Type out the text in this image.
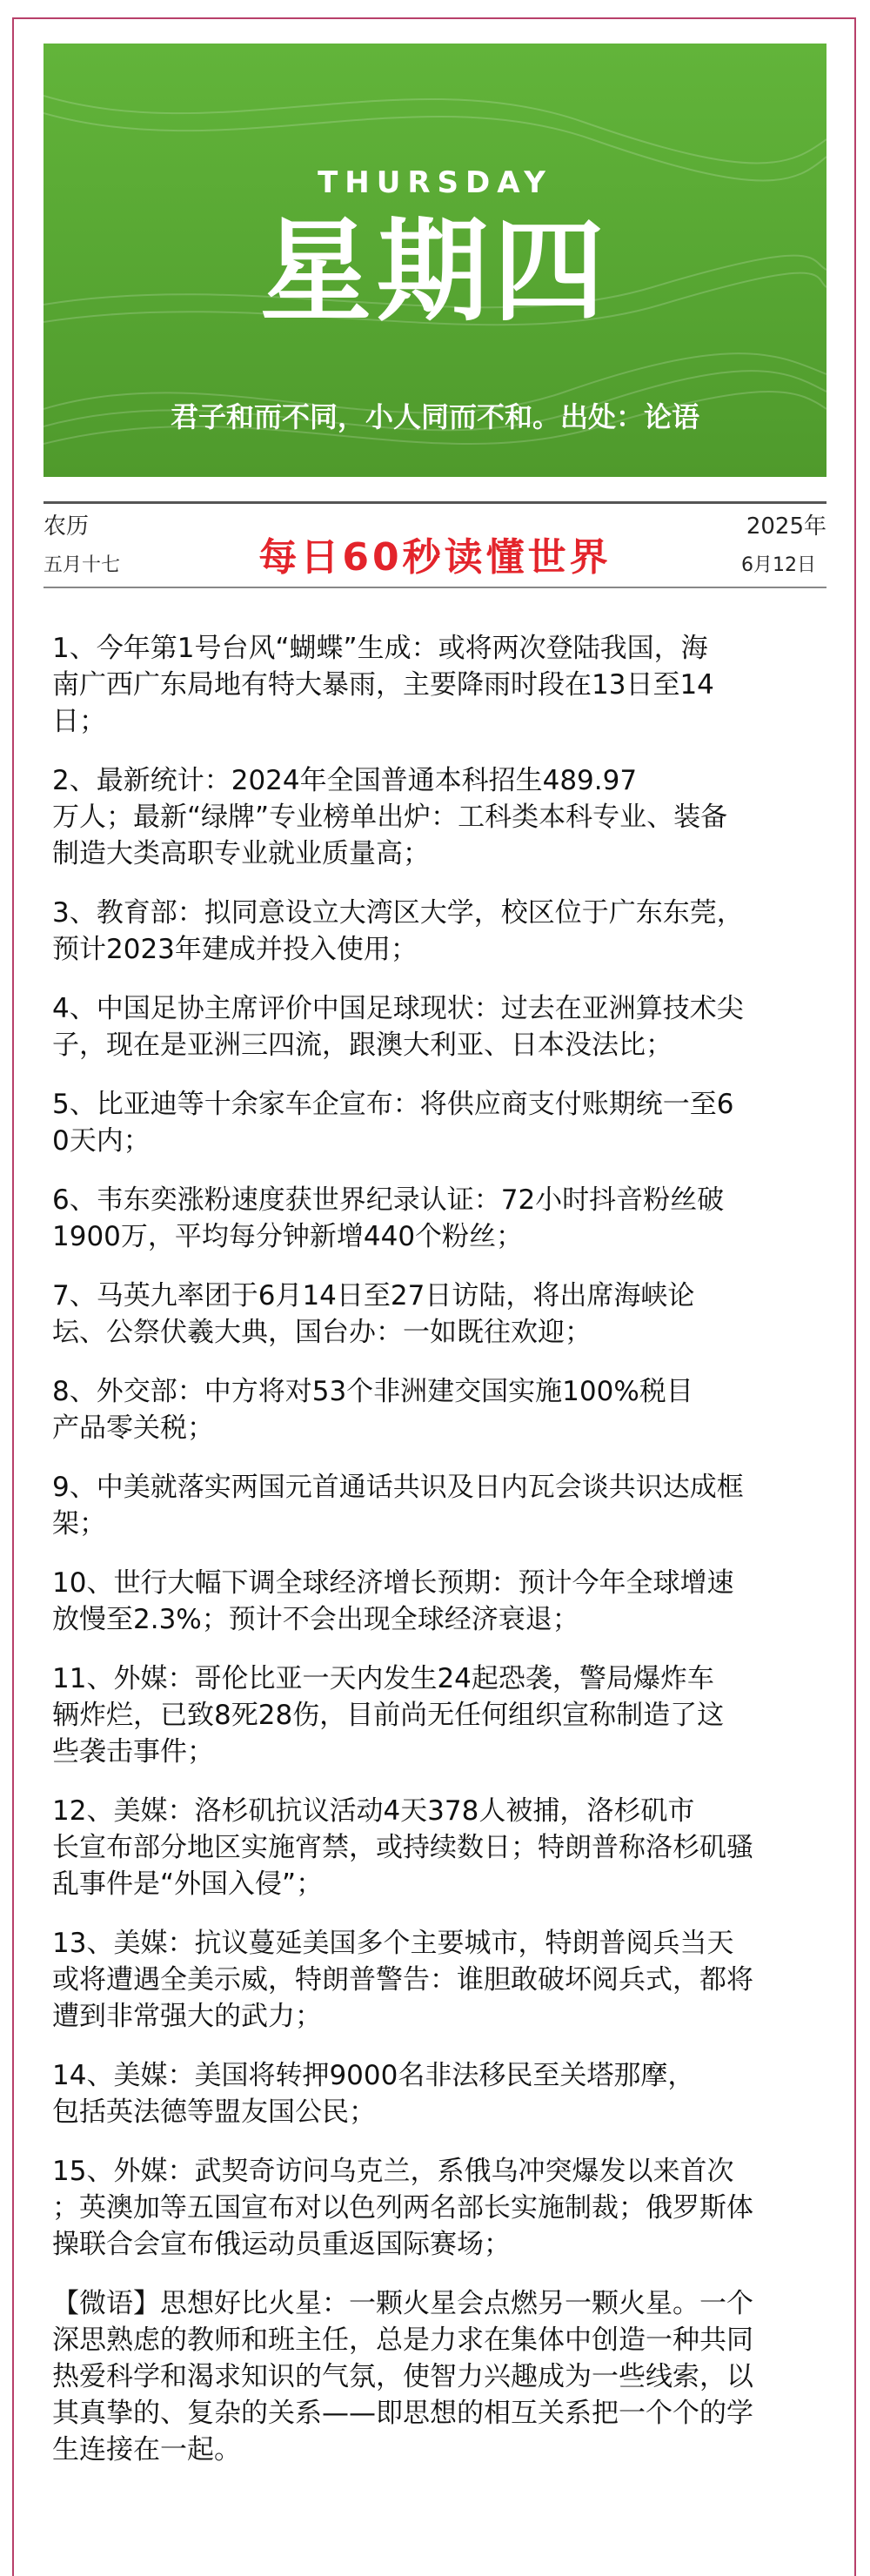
THURSDAY
星期四
君子和而不同，小人同而不和。出处：论语
农历
五月十七	每日60秒读懂世界
2025年
6月12日
1、今年第1号台风“蝴蝶”生成：或将两次登陆我国，海
南广西广东局地有特大暴雨，主要降雨时段在13日至14
日；
2、最新统计：2024年全国普通本科招生489.97
万人；最新“绿牌”专业榜单出炉：工科类本科专业、装备
制造大类高职专业就业质量高；
3、教育部：拟同意设立大湾区大学，校区位于广东东莞，
预计2023年建成并投入使用；
4、中国足协主席评价中国足球现状：过去在亚洲算技术尖
子，现在是亚洲三四流，跟澳大利亚、日本没法比；
5、比亚迪等十余家车企宣布：将供应商支付账期统一至6
0天内；
6、韦东奕涨粉速度获世界纪录认证：72小时抖音粉丝破
1900万，平均每分钟新增440个粉丝；
7、马英九率团于6月14日至27日访陆，将出席海峡论
坛、公祭伏羲大典，国台办：一如既往欢迎；
8、外交部：中方将对53个非洲建交国实施100%税目
产品零关税；
9、中美就落实两国元首通话共识及日内瓦会谈共识达成框
架；
10、世行大幅下调全球经济增长预期：预计今年全球增速
放慢至2.3%；预计不会出现全球经济衰退；
11、外媒：哥伦比亚一天内发生24起恐袭，警局爆炸车
辆炸烂，已致8死28伤，目前尚无任何组织宣称制造了这
些袭击事件；
12、美媒：洛杉矶抗议活动4天378人被捕，洛杉矶市
长宣布部分地区实施宵禁，或持续数日；特朗普称洛杉矶骚
乱事件是“外国入侵”；
13、美媒：抗议蔓延美国多个主要城市，特朗普阅兵当天
或将遭遇全美示威，特朗普警告：谁胆敢破坏阅兵式，都将
遭到非常强大的武力；
14、美媒：美国将转押9000名非法移民至关塔那摩，
包括英法德等盟友国公民；
15、外媒：武契奇访问乌克兰，系俄乌冲突爆发以来首次
；英澳加等五国宣布对以色列两名部长实施制裁；俄罗斯体
操联合会宣布俄运动员重返国际赛场；
【微语】思想好比火星：一颗火星会点燃另一颗火星。一个
深思熟虑的教师和班主任，总是力求在集体中创造一种共同
热爱科学和渴求知识的气氛，使智力兴趣成为一些线索，以
其真挚的、复杂的关系——即思想的相互关系把一个个的学
生连接在一起。
